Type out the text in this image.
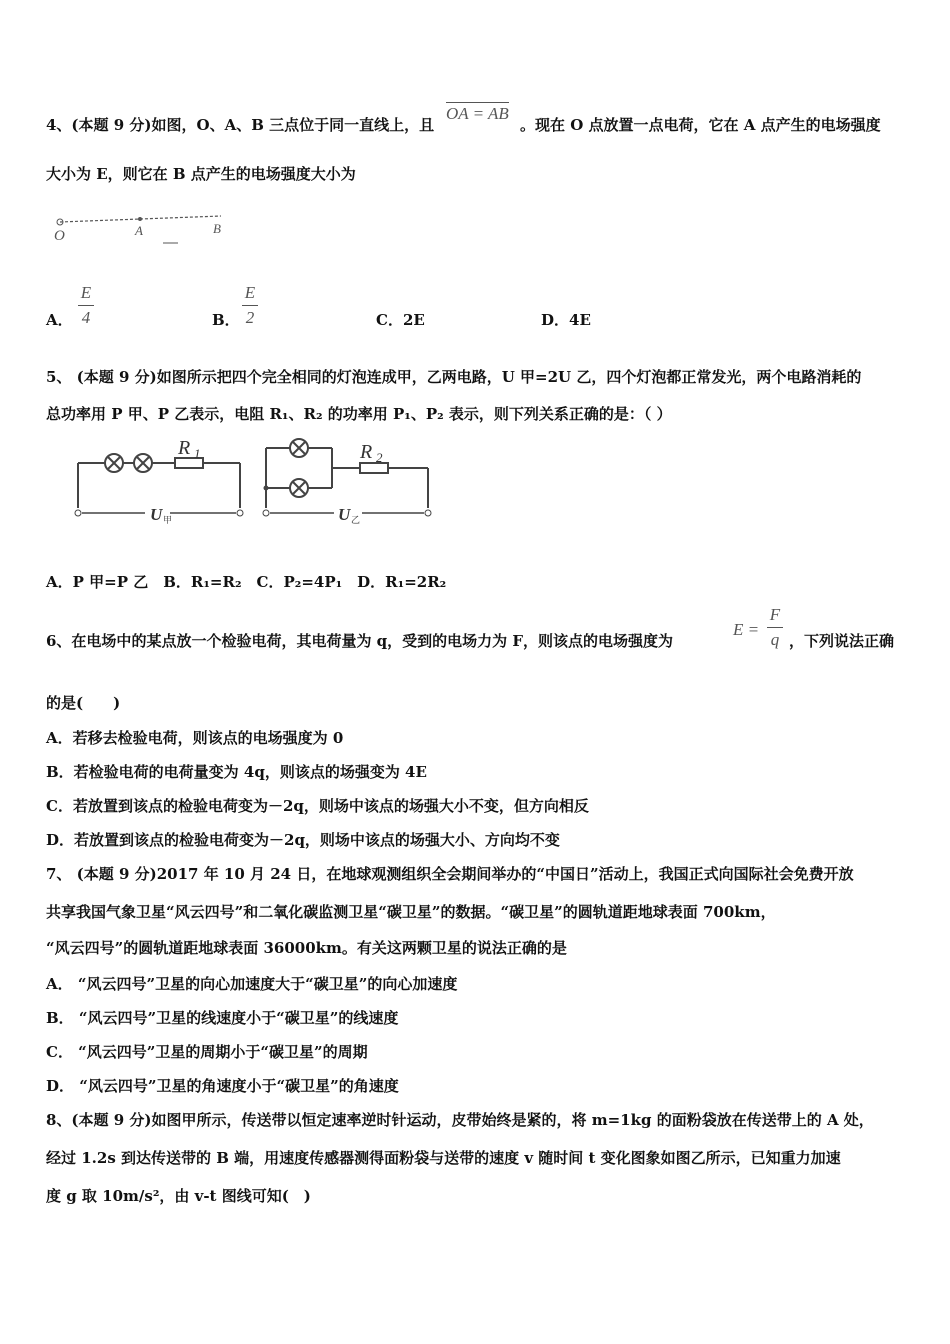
4、(本题 9 分)如图，O、A、B 三点位于同一直线上，且
OA = AB
。现在 O 点放置一点电荷，它在 A 点产生的电场强度
大小为 E，则它在 B 点产生的电场强度大小为
O	A	B
A．
E
4	B．
E
2	C．2E	D．4E
5、 (本题 9 分)如图所示把四个完全相同的灯泡连成甲，乙两电路，U 甲=2U 乙，四个灯泡都正常发光，两个电路消耗的
总功率用 P 甲、P 乙表示，电阻 R₁、R₂ 的功率用 P₁、P₂ 表示，则下列关系正确的是：（ ）
R 1
U 甲
R 2
U 乙
A．P 甲=P 乙　B．R₁=R₂　C．P₂=4P₁　D．R₁=2R₂
6、在电场中的某点放一个检验电荷，其电荷量为 q，受到的电场力为 F，则该点的电场强度为
E =
F
q ，下列说法正确
的是(　　)
A．若移去检验电荷，则该点的电场强度为 0
B．若检验电荷的电荷量变为 4q，则该点的场强变为 4E
C．若放置到该点的检验电荷变为－2q，则场中该点的场强大小不变，但方向相反
D．若放置到该点的检验电荷变为－2q，则场中该点的场强大小、方向均不变
7、 (本题 9 分)2017 年 10 月 24 日，在地球观测组织全会期间举办的“中国日”活动上，我国正式向国际社会免费开放
共享我国气象卫星“风云四号”和二氧化碳监测卫星“碳卫星”的数据。“碳卫星”的圆轨道距地球表面 700km，
“风云四号”的圆轨道距地球表面 36000km。有关这两颗卫星的说法正确的是
A． “风云四号”卫星的向心加速度大于“碳卫星”的向心加速度
B． “风云四号”卫星的线速度小于“碳卫星”的线速度
C． “风云四号”卫星的周期小于“碳卫星”的周期
D． “风云四号”卫星的角速度小于“碳卫星”的角速度
8、(本题 9 分)如图甲所示，传送带以恒定速率逆时针运动，皮带始终是紧的，将 m=1kg 的面粉袋放在传送带上的 A 处，
经过 1.2s 到达传送带的 B 端，用速度传感器测得面粉袋与送带的速度 v 随时间 t 变化图象如图乙所示，已知重力加速
度 g 取 10m/s²，由 v-t 图线可知(　)
